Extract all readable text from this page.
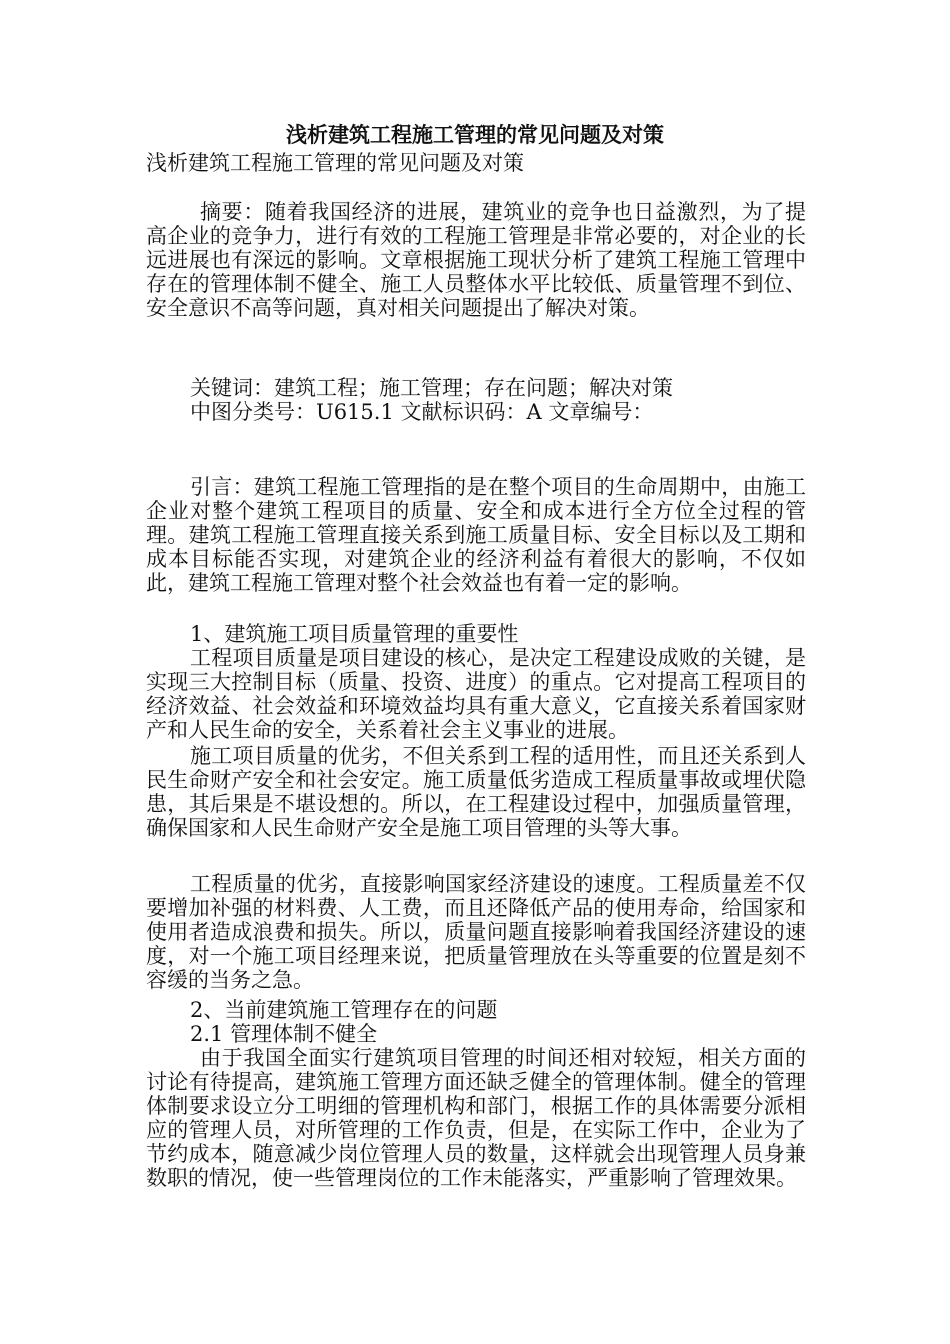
浅析建筑工程施工管理的常见问题及对策
浅析建筑工程施工管理的常见问题及对策
摘要：随着我国经济的进展，建筑业的竞争也日益激烈，为了提高企业的竞争力，进行有效的工程施工管理是非常必要的，对企业的长远进展也有深远的影响。文章根据施工现状分析了建筑工程施工管理中存在的管理体制不健全、施工人员整体水平比较低、质量管理不到位、安全意识不高等问题，真对相关问题提出了解决对策。
关键词：建筑工程；施工管理；存在问题；解决对策
中图分类号：U615.1 文献标识码：A 文章编号：
引言：建筑工程施工管理指的是在整个项目的生命周期中，由施工企业对整个建筑工程项目的质量、安全和成本进行全方位全过程的管理。建筑工程施工管理直接关系到施工质量目标、安全目标以及工期和成本目标能否实现，对建筑企业的经济利益有着很大的影响，不仅如此，建筑工程施工管理对整个社会效益也有着一定的影响。
1、建筑施工项目质量管理的重要性
工程项目质量是项目建设的核心，是决定工程建设成败的关键，是实现三大控制目标（质量、投资、进度）的重点。它对提高工程项目的经济效益、社会效益和环境效益均具有重大意义，它直接关系着国家财产和人民生命的安全，关系着社会主义事业的进展。
施工项目质量的优劣，不但关系到工程的适用性，而且还关系到人民生命财产安全和社会安定。施工质量低劣造成工程质量事故或埋伏隐患，其后果是不堪设想的。所以，在工程建设过程中，加强质量管理，确保国家和人民生命财产安全是施工项目管理的头等大事。
工程质量的优劣，直接影响国家经济建设的速度。工程质量差不仅要增加补强的材料费、人工费，而且还降低产品的使用寿命，给国家和使用者造成浪费和损失。所以，质量问题直接影响着我国经济建设的速度，对一个施工项目经理来说，把质量管理放在头等重要的位置是刻不容缓的当务之急。
2、当前建筑施工管理存在的问题
2.1 管理体制不健全
由于我国全面实行建筑项目管理的时间还相对较短，相关方面的讨论有待提高，建筑施工管理方面还缺乏健全的管理体制。健全的管理体制要求设立分工明细的管理机构和部门，根据工作的具体需要分派相应的管理人员，对所管理的工作负责，但是，在实际工作中，企业为了节约成本，随意减少岗位管理人员的数量，这样就会出现管理人员身兼数职的情况，使一些管理岗位的工作未能落实，严重影响了管理效果。
